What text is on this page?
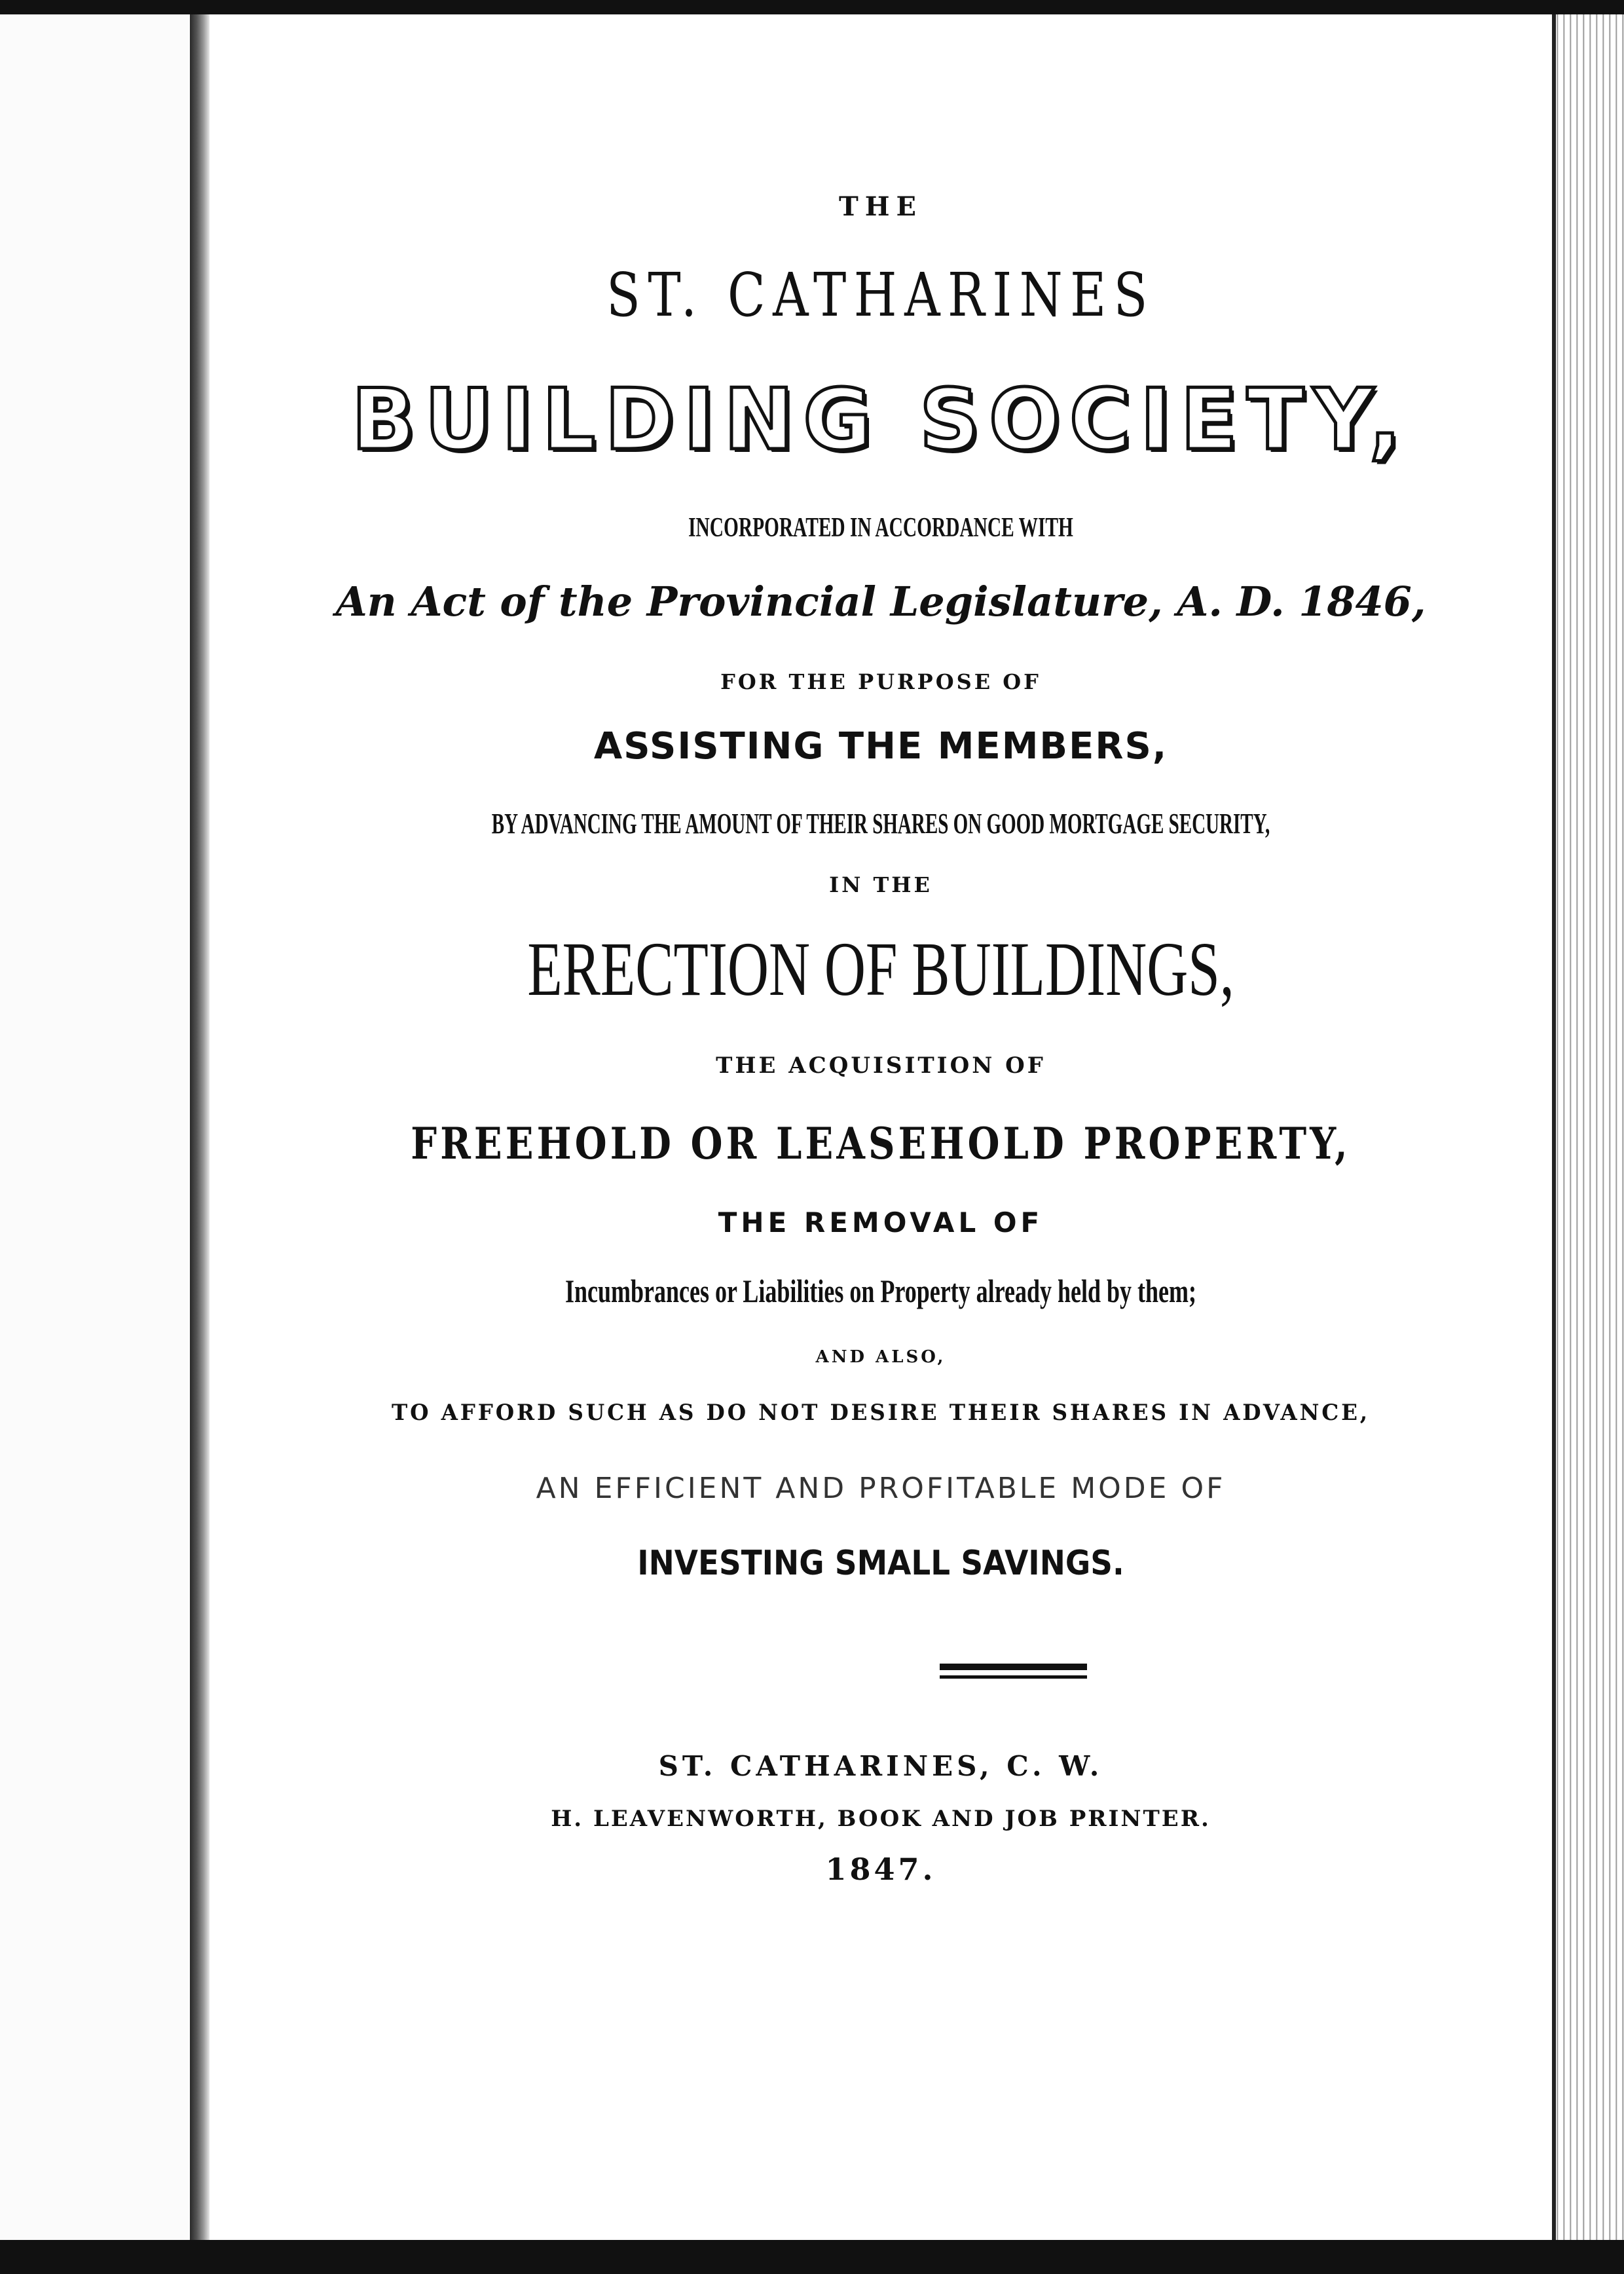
THE

ST. CATHARINES

BUILDING SOCIETY,

INCORPORATED IN ACCORDANCE WITH

An Act of the Provincial Legislature, A. D. 1846,

FOR THE PURPOSE OF

ASSISTING THE MEMBERS,

BY ADVANCING THE AMOUNT OF THEIR SHARES ON GOOD MORTGAGE SECURITY,

IN THE

ERECTION OF BUILDINGS,

THE ACQUISITION OF

FREEHOLD OR LEASEHOLD PROPERTY,

THE REMOVAL OF

Incumbrances or Liabilities on Property already held by them;

AND ALSO,

TO AFFORD SUCH AS DO NOT DESIRE THEIR SHARES IN ADVANCE,

AN EFFICIENT AND PROFITABLE MODE OF

INVESTING SMALL SAVINGS.

ST. CATHARINES, C. W.

H. LEAVENWORTH, BOOK AND JOB PRINTER.

1847.
